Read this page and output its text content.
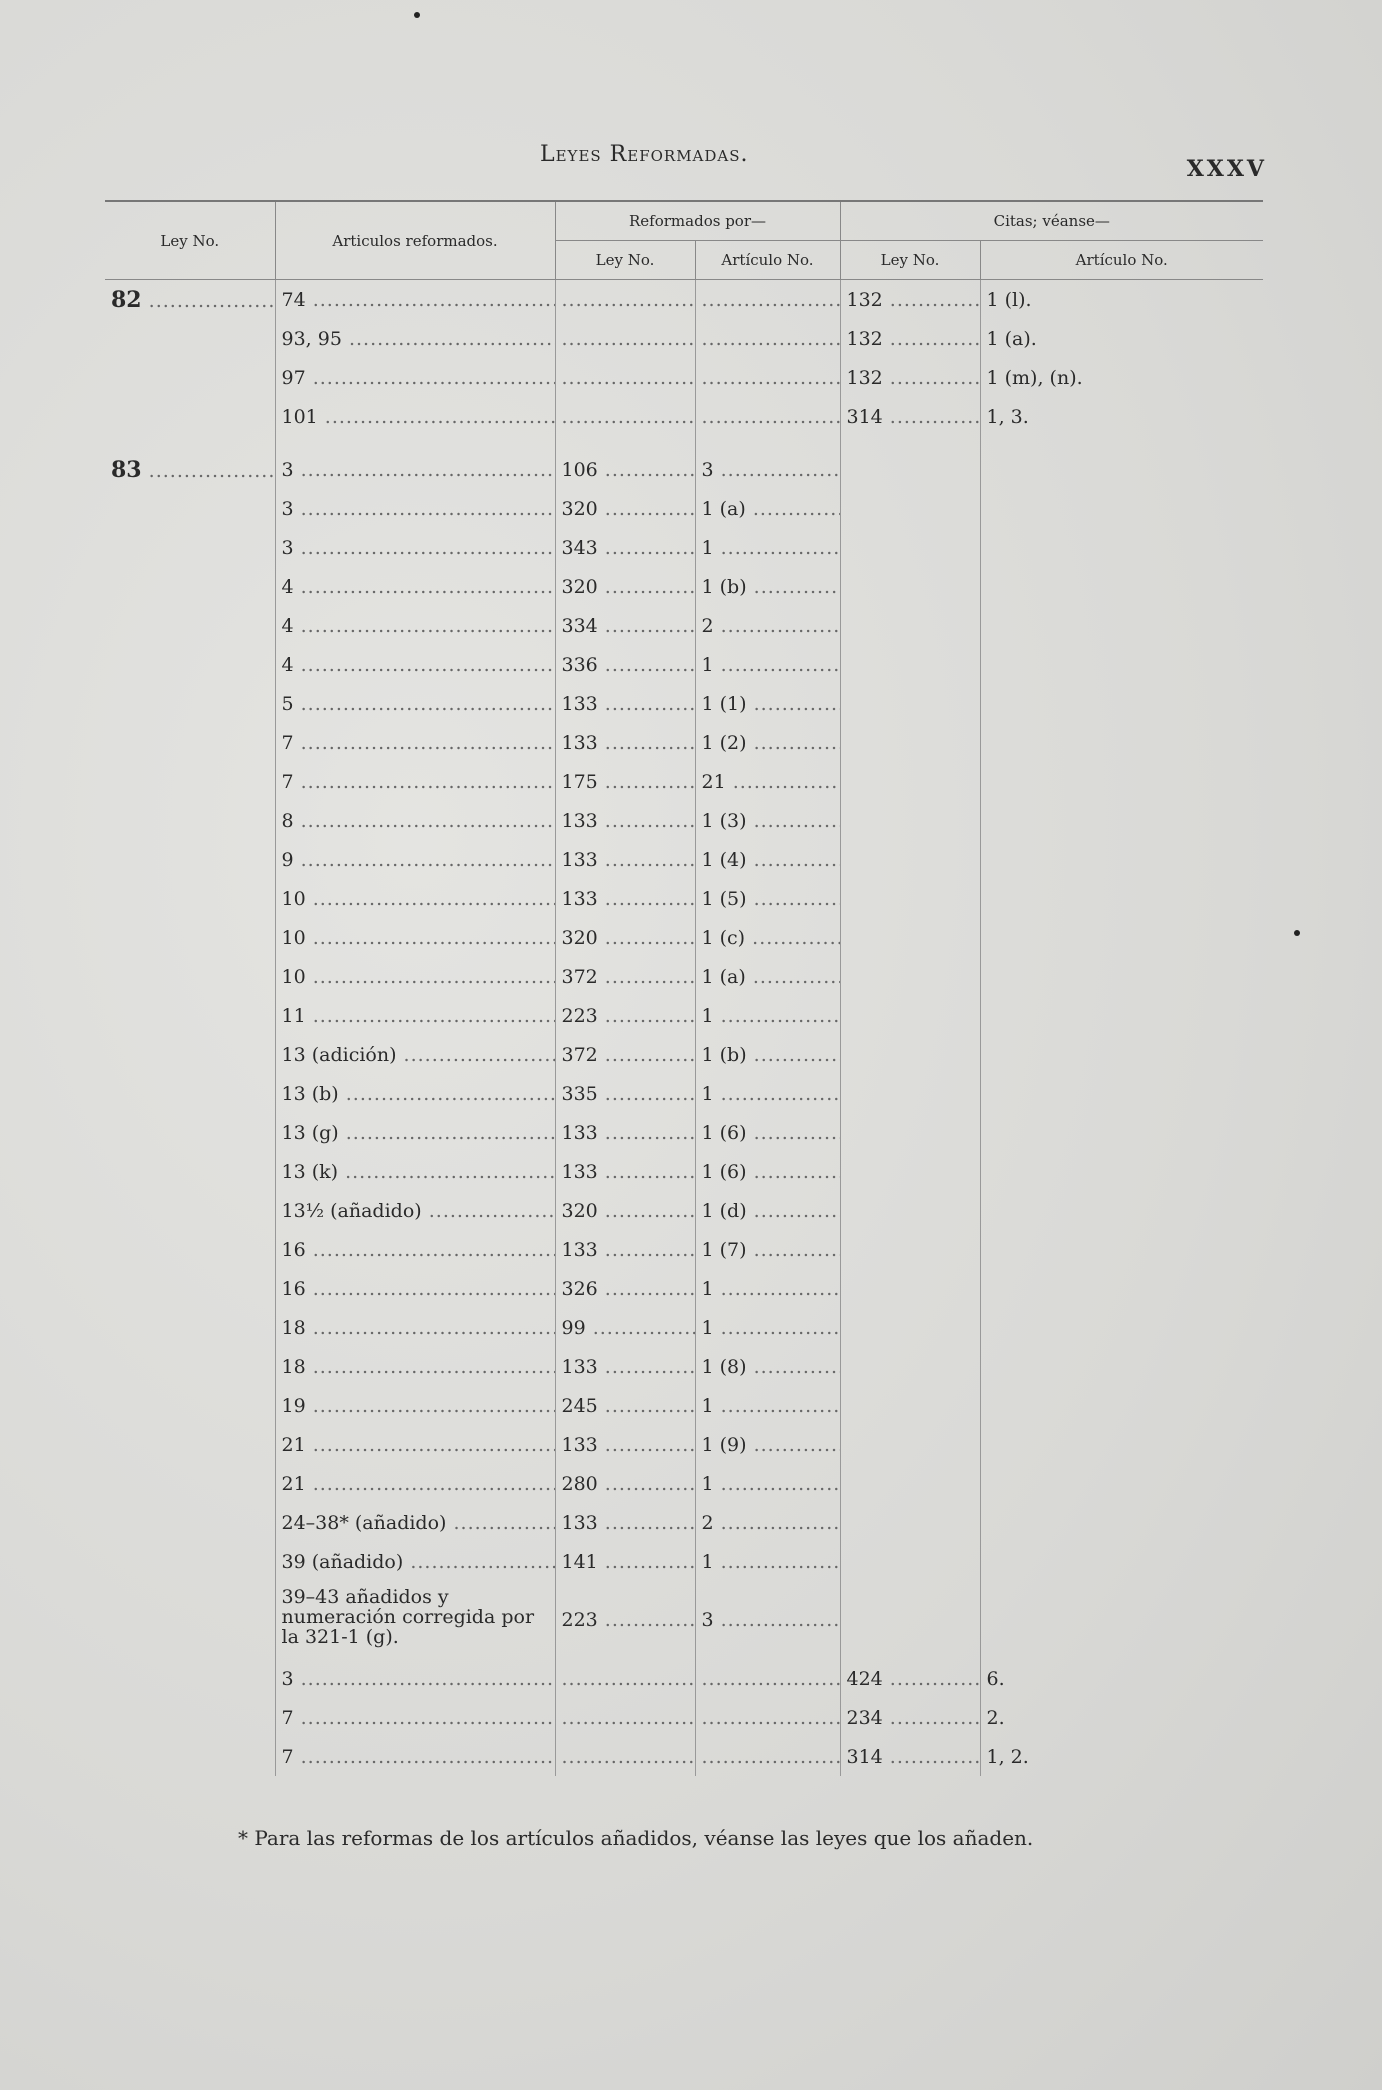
Leyes Reformadas.
XXXV
Ley No.	Articulos reformados.	Reformados por—		Citas; véanse—	
		Ley No.	Artículo No.	Ley No.	Artículo No.
82 .....	74 .....	.....	.....	132 .....	1 (l).
	93, 95 .....	.....	.....	132 .....	1 (a).
	97 .....	.....	.....	132 .....	1 (m), (n).
	101 .....	.....	.....	314 .....	1, 3.
83 .....	3 .....	106 .....	3 .....		
	3 .....	320 .....	1 (a) .....		
	3 .....	343 .....	1 .....		
	4 .....	320 .....	1 (b) .....		
	4 .....	334 .....	2 .....		
	4 .....	336 .....	1 .....		
	5 .....	133 .....	1 (1) .....		
	7 .....	133 .....	1 (2) .....		
	7 .....	175 .....	21 .....		
	8 .....	133 .....	1 (3) .....		
	9 .....	133 .....	1 (4) .....		
	10 .....	133 .....	1 (5) .....		
	10 .....	320 .....	1 (c) .....		
	10 .....	372 .....	1 (a) .....		
	11 .....	223 .....	1 .....		
	13 (adición) .....	372 .....	1 (b) .....		
	13 (b) .....	335 .....	1 .....		
	13 (g) .....	133 .....	1 (6) .....		
	13 (k) .....	133 .....	1 (6) .....		
	13½ (añadido) .....	320 .....	1 (d) .....		
	16 .....	133 .....	1 (7) .....		
	16 .....	326 .....	1 .....		
	18 .....	99 .....	1 .....		
	18 .....	133 .....	1 (8) .....		
	19 .....	245 .....	1 .....		
	21 .....	133 .....	1 (9) .....		
	21 .....	280 .....	1 .....		
	24–38* (añadido) .....	133 .....	2 .....		
	39 (añadido) .....	141 .....	1 .....		
	39–43 añadidos y numeración corregida por la 321-1 (g).	223 .....	3 .....		
	3 .....	.....	.....	424 .....	6.
	7 .....	.....	.....	234 .....	2.
	7 .....	.....	.....	314 .....	1, 2.
* Para las reformas de los artículos añadidos, véanse las leyes que los añaden.
